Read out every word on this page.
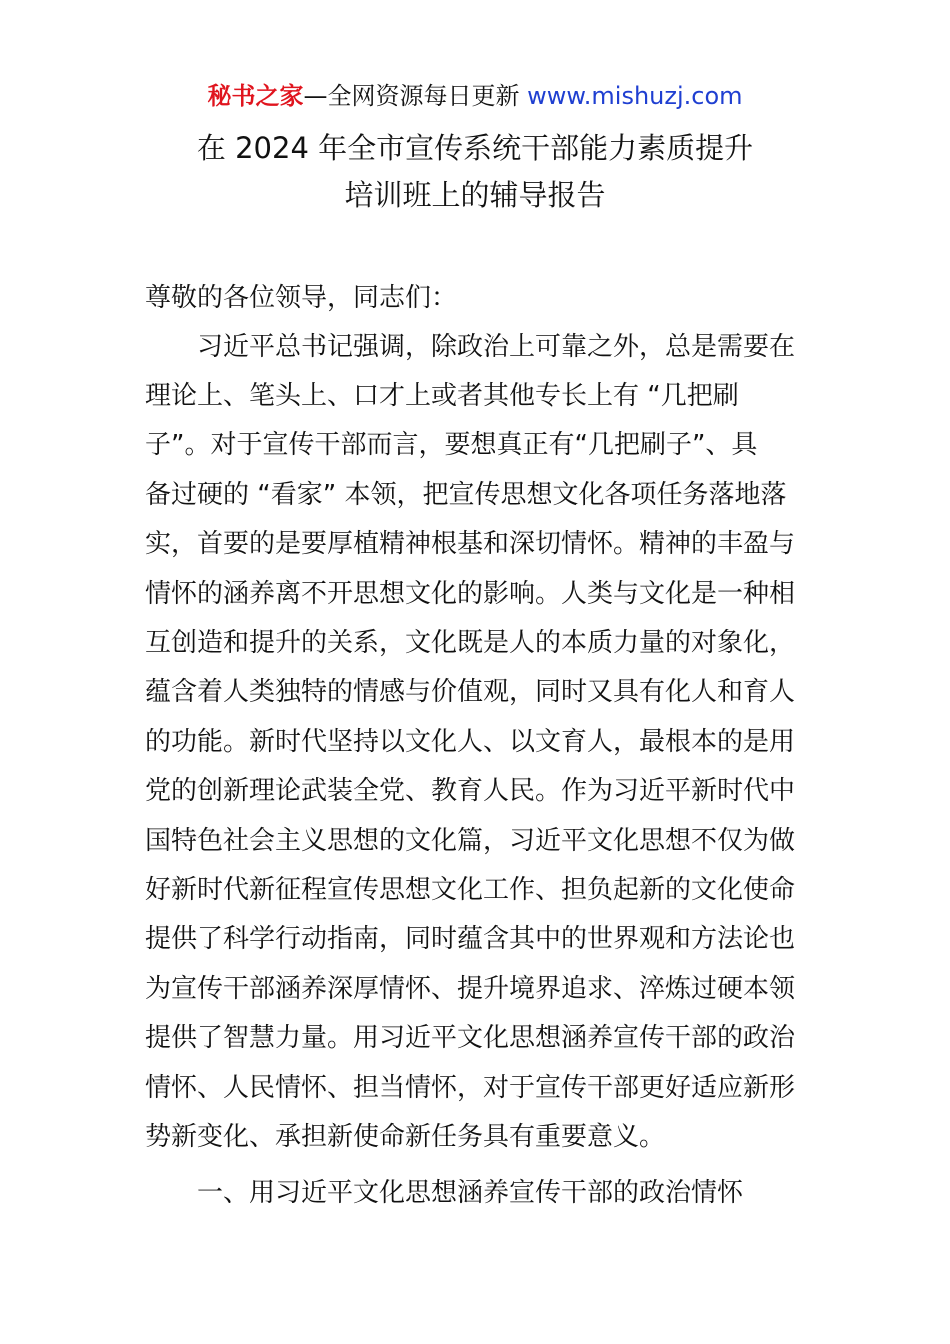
秘书之家—全网资源每日更新 www.mishuzj.com
在 2024 年全市宣传系统干部能力素质提升
培训班上的辅导报告
尊敬的各位领导，同志们：
习近平总书记强调，除政治上可靠之外，总是需要在
理论上、笔头上、口才上或者其他专长上有 “几把刷
子”。对于宣传干部而言，要想真正有“几把刷子”、具
备过硬的 “看家” 本领，把宣传思想文化各项任务落地落
实，首要的是要厚植精神根基和深切情怀。精神的丰盈与
情怀的涵养离不开思想文化的影响。人类与文化是一种相
互创造和提升的关系，文化既是人的本质力量的对象化，
蕴含着人类独特的情感与价值观，同时又具有化人和育人
的功能。新时代坚持以文化人、以文育人，最根本的是用
党的创新理论武装全党、教育人民。作为习近平新时代中
国特色社会主义思想的文化篇，习近平文化思想不仅为做
好新时代新征程宣传思想文化工作、担负起新的文化使命
提供了科学行动指南，同时蕴含其中的世界观和方法论也
为宣传干部涵养深厚情怀、提升境界追求、淬炼过硬本领
提供了智慧力量。用习近平文化思想涵养宣传干部的政治
情怀、人民情怀、担当情怀，对于宣传干部更好适应新形
势新变化、承担新使命新任务具有重要意义。
一、用习近平文化思想涵养宣传干部的政治情怀
